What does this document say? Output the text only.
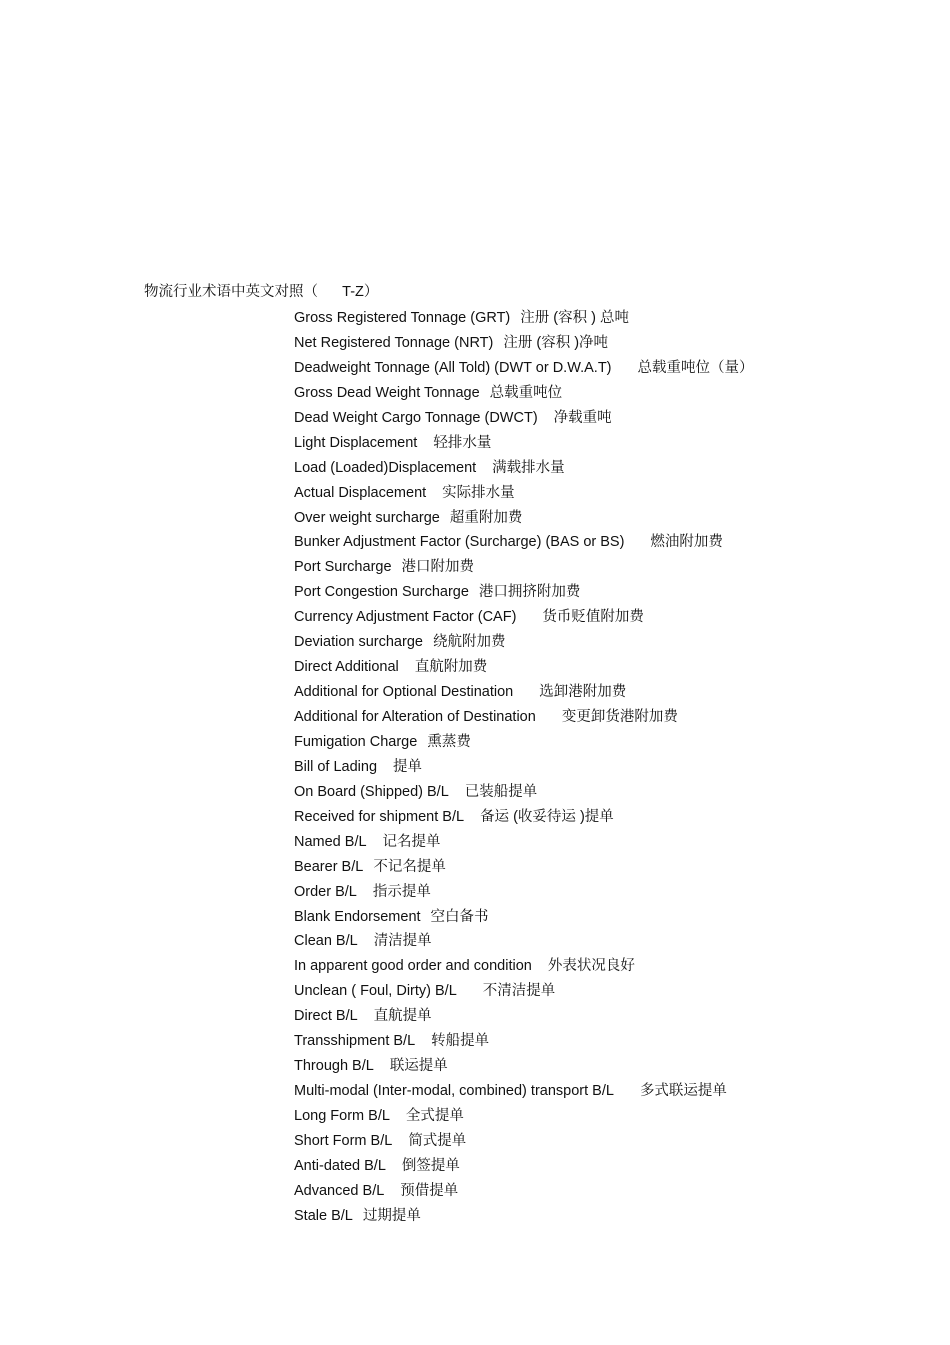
物流行业术语中英文对照（      T-Z）
Gross Registered Tonnage (GRT) 注册 (容积 ) 总吨
Net Registered Tonnage (NRT) 注册 (容积 )净吨
Deadweight Tonnage (All Told) (DWT or D.W.A.T) 总载重吨位（量）
Gross Dead Weight Tonnage 总载重吨位
Dead Weight Cargo Tonnage (DWCT) 净载重吨
Light Displacement 轻排水量
Load (Loaded)Displacement 满载排水量
Actual Displacement 实际排水量
Over weight surcharge 超重附加费
Bunker Adjustment Factor (Surcharge) (BAS or BS) 燃油附加费
Port Surcharge 港口附加费
Port Congestion Surcharge 港口拥挤附加费
Currency Adjustment Factor (CAF) 货币贬值附加费
Deviation surcharge 绕航附加费
Direct Additional 直航附加费
Additional for Optional Destination 选卸港附加费
Additional for Alteration of Destination 变更卸货港附加费
Fumigation Charge 熏蒸费
Bill of Lading 提单
On Board (Shipped) B/L 已装船提单
Received for shipment B/L 备运 (收妥待运 )提单
Named B/L 记名提单
Bearer B/L 不记名提单
Order B/L 指示提单
Blank Endorsement 空白备书
Clean B/L 清洁提单
In apparent good order and condition 外表状况良好
Unclean ( Foul, Dirty) B/L 不清洁提单
Direct B/L 直航提单
Transshipment B/L 转船提单
Through B/L 联运提单
Multi-modal (Inter-modal, combined) transport B/L 多式联运提单
Long Form B/L 全式提单
Short Form B/L 简式提单
Anti-dated B/L 倒签提单
Advanced B/L 预借提单
Stale B/L 过期提单
